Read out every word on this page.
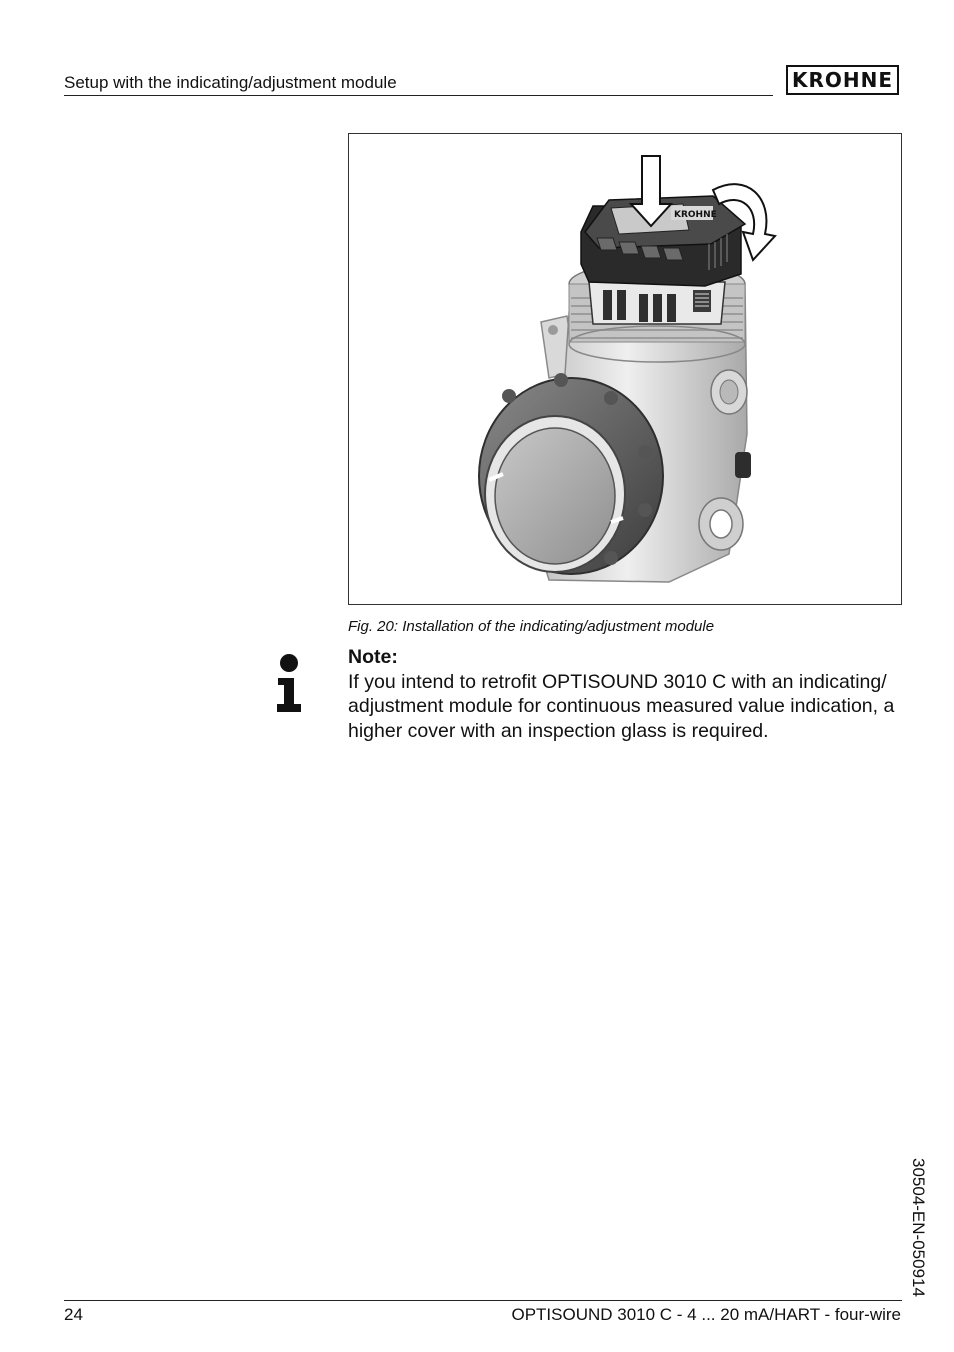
Setup with the indicating/adjustment module	KROHNE
KROHNE
Fig. 20: Installation of the indicating/adjustment module
Note:
If you intend to retrofit OPTISOUND 3010 C with an indicating/ adjustment module for continuous measured value indication, a higher cover with an inspection glass is required.
30504-EN-050914
24	OPTISOUND 3010 C - 4 ... 20 mA/HART - four-wire
